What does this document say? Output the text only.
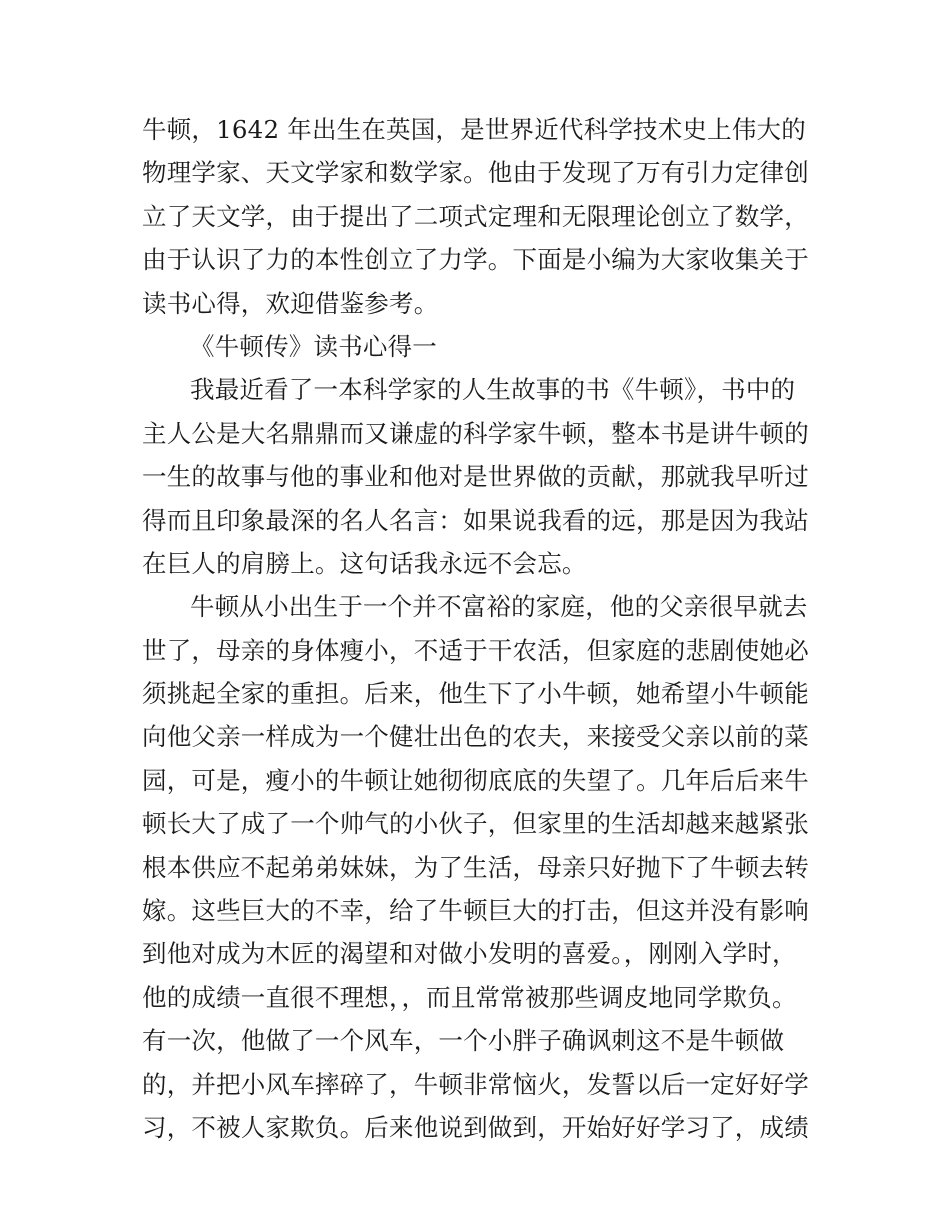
牛顿，1642 年出生在英国，是世界近代科学技术史上伟大的
物理学家、天文学家和数学家。他由于发现了万有引力定律创
立了天文学，由于提出了二项式定理和无限理论创立了数学，
由于认识了力的本性创立了力学。下面是小编为大家收集关于
读书心得，欢迎借鉴参考。
《牛顿传》读书心得一
我最近看了一本科学家的人生故事的书《牛顿》，书中的
主人公是大名鼎鼎而又谦虚的科学家牛顿，整本书是讲牛顿的
一生的故事与他的事业和他对是世界做的贡献，那就我早听过
得而且印象最深的名人名言：如果说我看的远，那是因为我站
在巨人的肩膀上。这句话我永远不会忘。
牛顿从小出生于一个并不富裕的家庭，他的父亲很早就去
世了，母亲的身体瘦小，不适于干农活，但家庭的悲剧使她必
须挑起全家的重担。后来，他生下了小牛顿，她希望小牛顿能
向他父亲一样成为一个健壮出色的农夫，来接受父亲以前的菜
园，可是，瘦小的牛顿让她彻彻底底的失望了。几年后后来牛
顿长大了成了一个帅气的小伙子，但家里的生活却越来越紧张
根本供应不起弟弟妹妹，为了生活，母亲只好抛下了牛顿去转
嫁。这些巨大的不幸，给了牛顿巨大的打击，但这并没有影响
到他对成为木匠的渴望和对做小发明的喜爱。，刚刚入学时，
他的成绩一直很不理想，，而且常常被那些调皮地同学欺负。
有一次，他做了一个风车，一个小胖子确讽刺这不是牛顿做
的，并把小风车摔碎了，牛顿非常恼火，发誓以后一定好好学
习，不被人家欺负。后来他说到做到，开始好好学习了，成绩
